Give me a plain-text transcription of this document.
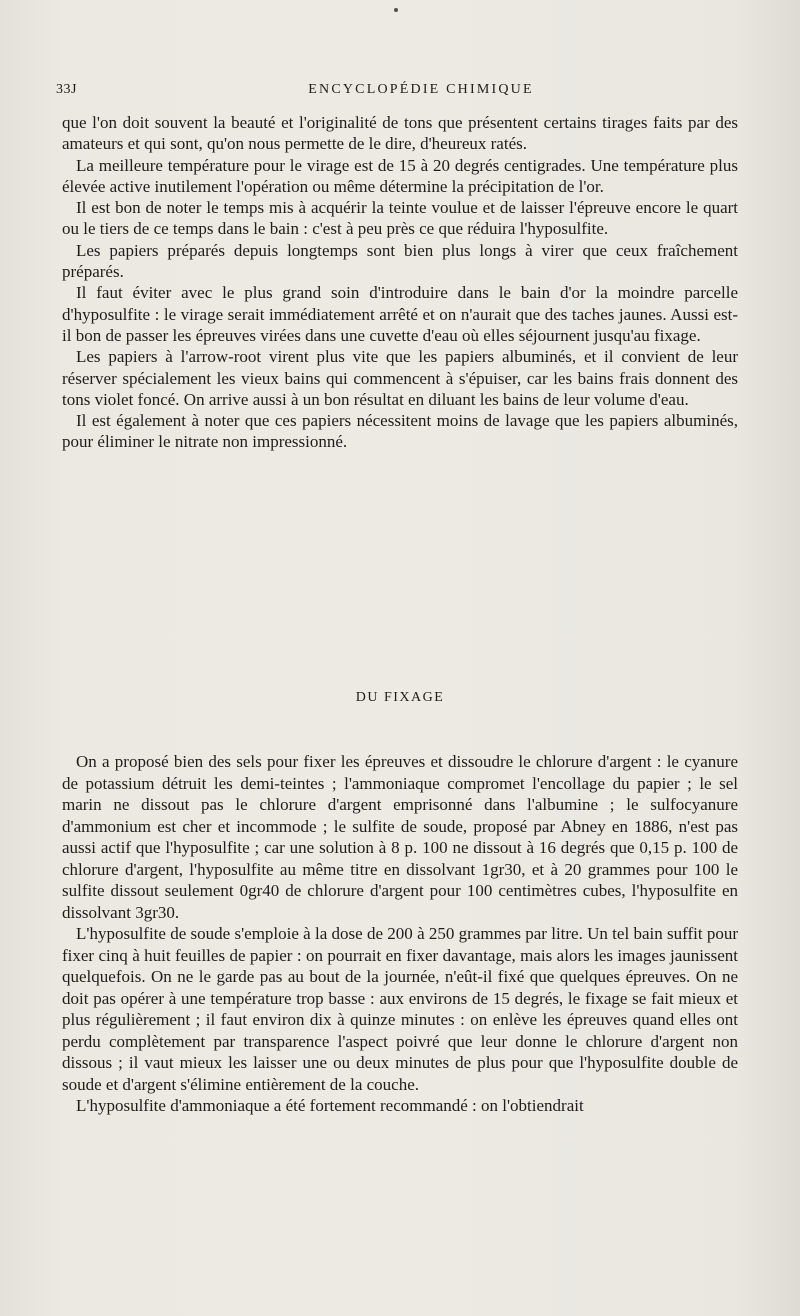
33J	ENCYCLOPÉDIE CHIMIQUE

que l'on doit souvent la beauté et l'originalité de tons que présentent certains tirages faits par des amateurs et qui sont, qu'on nous permette de le dire, d'heureux ratés.

La meilleure température pour le virage est de 15 à 20 degrés centigrades. Une température plus élevée active inutilement l'opération ou même détermine la précipitation de l'or.

Il est bon de noter le temps mis à acquérir la teinte voulue et de laisser l'épreuve encore le quart ou le tiers de ce temps dans le bain : c'est à peu près ce que réduira l'hyposulfite.

Les papiers préparés depuis longtemps sont bien plus longs à virer que ceux fraîchement préparés.

Il faut éviter avec le plus grand soin d'introduire dans le bain d'or la moindre parcelle d'hyposulfite : le virage serait immédiatement arrêté et on n'aurait que des taches jaunes. Aussi est-il bon de passer les épreuves virées dans une cuvette d'eau où elles séjournent jusqu'au fixage.

Les papiers à l'arrow-root virent plus vite que les papiers albuminés, et il convient de leur réserver spécialement les vieux bains qui commencent à s'épuiser, car les bains frais donnent des tons violet foncé. On arrive aussi à un bon résultat en diluant les bains de leur volume d'eau.

Il est également à noter que ces papiers nécessitent moins de lavage que les papiers albuminés, pour éliminer le nitrate non impressionné.

DU FIXAGE

On a proposé bien des sels pour fixer les épreuves et dissoudre le chlorure d'argent : le cyanure de potassium détruit les demi-teintes ; l'ammoniaque compromet l'encollage du papier ; le sel marin ne dissout pas le chlorure d'argent emprisonné dans l'albumine ; le sulfocyanure d'ammonium est cher et incommode ; le sulfite de soude, proposé par Abney en 1886, n'est pas aussi actif que l'hyposulfite ; car une solution à 8 p. 100 ne dissout à 16 degrés que 0,15 p. 100 de chlorure d'argent, l'hyposulfite au même titre en dissolvant 1gr30, et à 20 grammes pour 100 le sulfite dissout seulement 0gr40 de chlorure d'argent pour 100 centimètres cubes, l'hyposulfite en dissolvant 3gr30.

L'hyposulfite de soude s'emploie à la dose de 200 à 250 grammes par litre. Un tel bain suffit pour fixer cinq à huit feuilles de papier : on pourrait en fixer davantage, mais alors les images jaunissent quelquefois. On ne le garde pas au bout de la journée, n'eût-il fixé que quelques épreuves. On ne doit pas opérer à une température trop basse : aux environs de 15 degrés, le fixage se fait mieux et plus régulièrement ; il faut environ dix à quinze minutes : on enlève les épreuves quand elles ont perdu complètement par transparence l'aspect poivré que leur donne le chlorure d'argent non dissous ; il vaut mieux les laisser une ou deux minutes de plus pour que l'hyposulfite double de soude et d'argent s'élimine entièrement de la couche.

L'hyposulfite d'ammoniaque a été fortement recommandé : on l'obtiendrait
